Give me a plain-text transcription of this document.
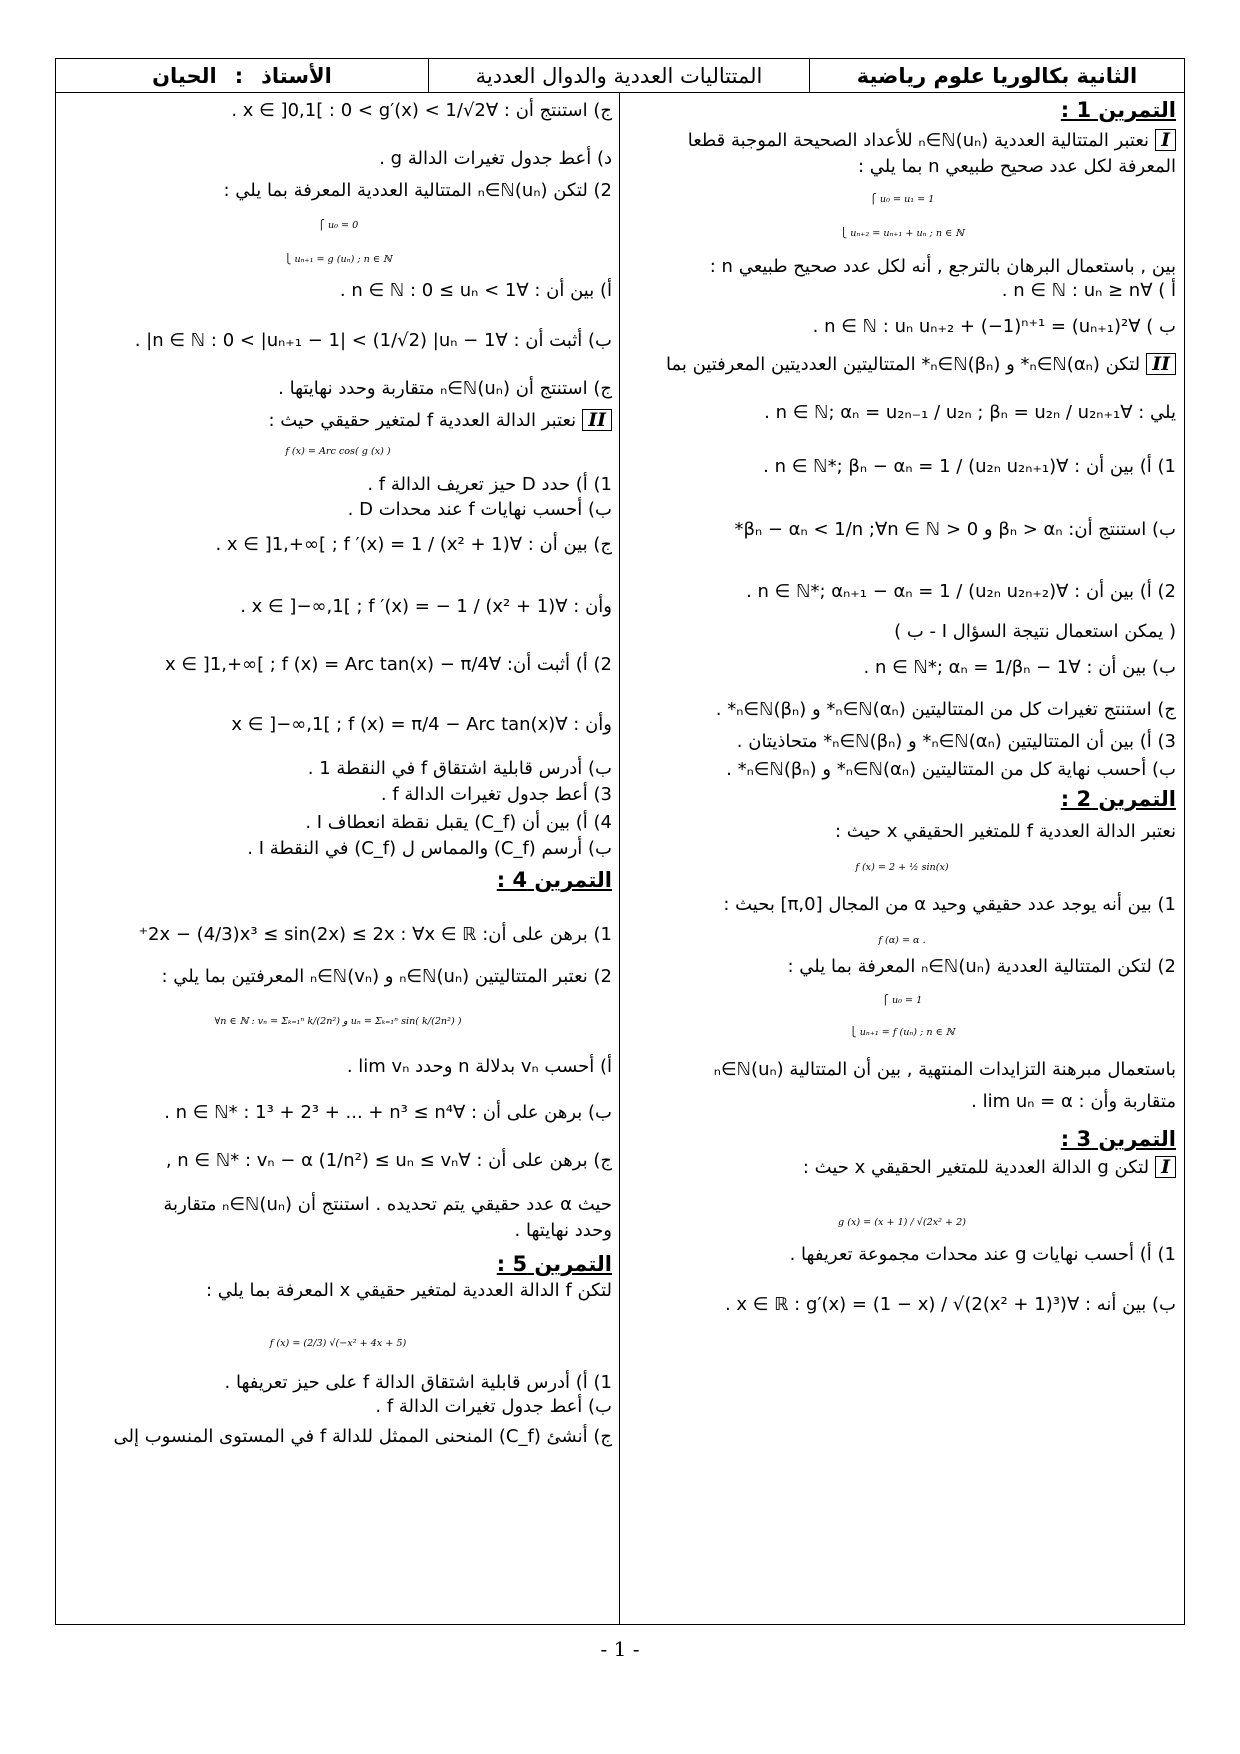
الثانية بكالوريا علوم رياضية
المتتاليات العددية والدوال العددية
الأستاذ
:
الحيان
التمرين 1 :
I نعتبر المتتالية العددية (uₙ)ₙ∈ℕ للأعداد الصحيحة الموجبة قطعا
المعرفة لكل عدد صحيح طبيعي n بما يلي :
⎧ u₀ = u₁ = 1
⎩ uₙ₊₂ = uₙ₊₁ + uₙ ; n ∈ ℕ
بين , باستعمال البرهان بالترجع , أنه لكل عدد صحيح طبيعي n :
أ ) ∀n ∈ ℕ : uₙ ≥ n .
ب ) ∀n ∈ ℕ : uₙ uₙ₊₂ + (−1)ⁿ⁺¹ = (uₙ₊₁)² .
II لتكن (αₙ)ₙ∈ℕ* و (βₙ)ₙ∈ℕ* المتتاليتين العدديتين المعرفتين بما
يلي : ∀n ∈ ℕ; αₙ = u₂ₙ₋₁ / u₂ₙ ; βₙ = u₂ₙ / u₂ₙ₊₁ .
1) أ) بين أن : ∀n ∈ ℕ*; βₙ − αₙ = 1 / (u₂ₙ u₂ₙ₊₁) .
ب) استنتج أن: βₙ > αₙ و 0 < βₙ − αₙ < 1/n ;∀n ∈ ℕ*
2) أ) بين أن : ∀n ∈ ℕ*; αₙ₊₁ − αₙ = 1 / (u₂ₙ u₂ₙ₊₂) .
( يمكن استعمال نتيجة السؤال I - ب )
ب) بين أن : ∀n ∈ ℕ*; αₙ = 1/βₙ − 1 .
ج) استنتج تغيرات كل من المتتاليتين (αₙ)ₙ∈ℕ* و (βₙ)ₙ∈ℕ* .
3) أ) بين أن المتتاليتين (αₙ)ₙ∈ℕ* و (βₙ)ₙ∈ℕ* متحاذيتان .
ب) أحسب نهاية كل من المتتاليتين (αₙ)ₙ∈ℕ* و (βₙ)ₙ∈ℕ* .
التمرين 2 :
نعتبر الدالة العددية f للمتغير الحقيقي x حيث :
f (x) = 2 + ½ sin(x)
1) بين أنه يوجد عدد حقيقي وحيد α من المجال [0,π] بحيث :
f (α) = α .
2) لتكن المتتالية العددية (uₙ)ₙ∈ℕ المعرفة بما يلي :
⎧ u₀ = 1
⎩ uₙ₊₁ = f (uₙ) ; n ∈ ℕ
باستعمال مبرهنة التزايدات المنتهية , بين أن المتتالية (uₙ)ₙ∈ℕ
متقاربة وأن : lim uₙ = α .
التمرين 3 :
I لتكن g الدالة العددية للمتغير الحقيقي x حيث :
g (x) = (x + 1) / √(2x² + 2)
1) أ) أحسب نهايات g عند محدات مجموعة تعريفها .
ب) بين أنه : ∀x ∈ ℝ : g′(x) = (1 − x) / √(2(x² + 1)³) .
ج) استنتج أن : ∀x ∈ ]0,1[ : 0 < g′(x) < 1/√2 .
د) أعط جدول تغيرات الدالة g .
2) لتكن (uₙ)ₙ∈ℕ المتتالية العددية المعرفة بما يلي :
⎧ u₀ = 0
⎩ uₙ₊₁ = g (uₙ) ; n ∈ ℕ
أ) بين أن : ∀n ∈ ℕ : 0 ≤ uₙ < 1 .
ب) أثبت أن : ∀n ∈ ℕ : 0 < |uₙ₊₁ − 1| < (1/√2) |uₙ − 1| .
ج) استنتج أن (uₙ)ₙ∈ℕ متقاربة وحدد نهايتها .
II نعتبر الدالة العددية f لمتغير حقيقي حيث :
f (x) = Arc cos( g (x) )
1) أ) حدد D حيز تعريف الدالة f .
ب) أحسب نهايات f عند محدات D .
ج) بين أن : ∀x ∈ ]1,+∞[ ; f ′(x) = 1 / (x² + 1) .
وأن : ∀x ∈ ]−∞,1[ ; f ′(x) = − 1 / (x² + 1) .
2) أ) أثبت أن: ∀x ∈ ]1,+∞[ ; f (x) = Arc tan(x) − π/4
وأن : ∀x ∈ ]−∞,1[ ; f (x) = π/4 − Arc tan(x)
ب) أدرس قابلية اشتقاق f في النقطة 1 .
3) أعط جدول تغيرات الدالة f .
4) أ) بين أن (C_f) يقبل نقطة انعطاف I .
ب) أرسم (C_f) والمماس ل (C_f) في النقطة I .
التمرين 4 :
1) برهن على أن: 2x − (4/3)x³ ≤ sin(2x) ≤ 2x : ∀x ∈ ℝ⁺
2) نعتبر المتتاليتين (uₙ)ₙ∈ℕ و (vₙ)ₙ∈ℕ المعرفتين بما يلي :
∀n ∈ ℕ : vₙ = Σₖ₌₁ⁿ k/(2n²) و uₙ = Σₖ₌₁ⁿ sin( k/(2n²) )
أ) أحسب vₙ بدلالة n وحدد lim vₙ .
ب) برهن على أن : ∀n ∈ ℕ* : 1³ + 2³ + ... + n³ ≤ n⁴ .
ج) برهن على أن : ∀n ∈ ℕ* : vₙ − α (1/n²) ≤ uₙ ≤ vₙ ,
حيث α عدد حقيقي يتم تحديده . استنتج أن (uₙ)ₙ∈ℕ متقاربة
وحدد نهايتها .
التمرين 5 :
لتكن f الدالة العددية لمتغير حقيقي x المعرفة بما يلي :
f (x) = (2/3) √(−x² + 4x + 5)
1) أ) أدرس قابلية اشتقاق الدالة f على حيز تعريفها .
ب) أعط جدول تغيرات الدالة f .
ج) أنشئ (C_f) المنحنى الممثل للدالة f في المستوى المنسوب إلى
- 1 -
